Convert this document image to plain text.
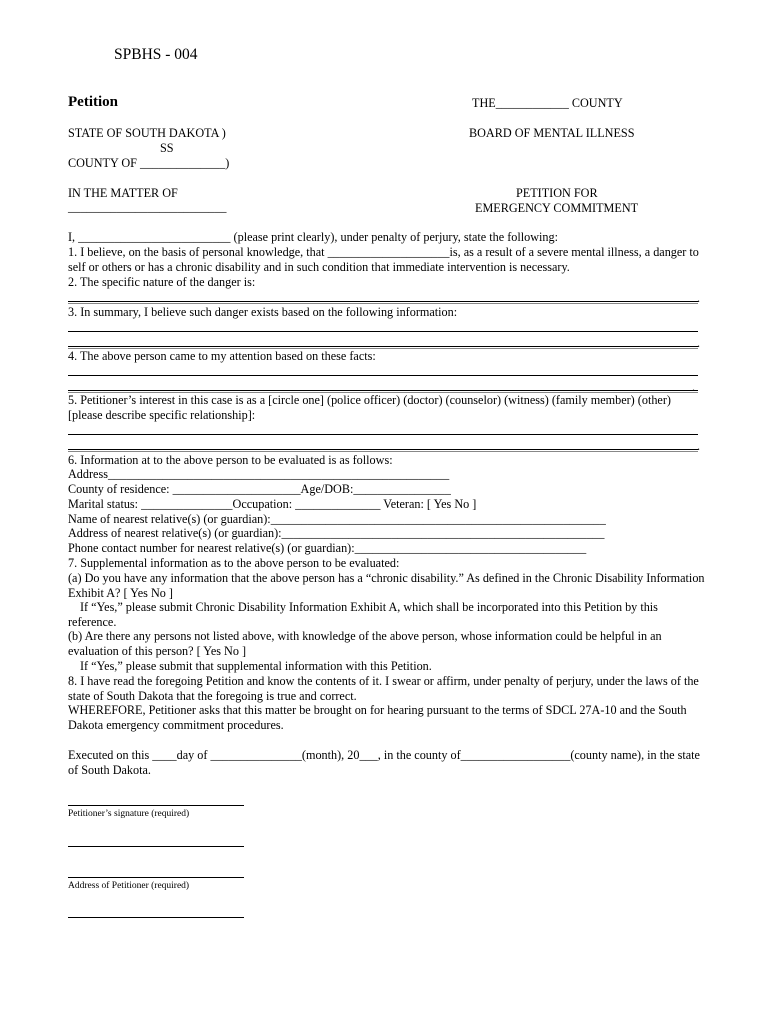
SPBHS - 004
Petition	THE____________ COUNTY
STATE OF SOUTH DAKOTA )	BOARD OF MENTAL ILLNESS
SS
COUNTY OF ______________)
IN THE MATTER OF	PETITION FOR
__________________________	EMERGENCY COMMITMENT
I, _________________________ (please print clearly), under penalty of perjury, state the following:
1. I believe, on the basis of personal knowledge, that ____________________is, as a result of a severe mental illness, a danger to self or others or has a chronic disability and in such condition that immediate intervention is necessary.
2. The specific nature of the danger is:
.
3. In summary, I believe such danger exists based on the following information:
.
4. The above person came to my attention based on these facts:
.
5. Petitioner’s interest in this case is as a [circle one] (police officer) (doctor) (counselor) (witness) (family member) (other) [please describe specific relationship]:
.
6. Information at to the above person to be evaluated is as follows:
Address________________________________________________________
County of residence: _____________________Age/DOB:________________
Marital status: _______________Occupation: ______________ Veteran: [ Yes No ]
Name of nearest relative(s) (or guardian):_______________________________________________________
Address of nearest relative(s) (or guardian):_____________________________________________________
Phone contact number for nearest relative(s) (or guardian):______________________________________
7. Supplemental information as to the above person to be evaluated:
(a) Do you have any information that the above person has a “chronic disability.” As defined in the Chronic Disability Information Exhibit A? [ Yes No ]
If “Yes,” please submit Chronic Disability Information Exhibit A, which shall be incorporated into this Petition by this reference.
(b) Are there any persons not listed above, with knowledge of the above person, whose information could be helpful in an evaluation of this person? [ Yes No ]
If “Yes,” please submit that supplemental information with this Petition.
8. I have read the foregoing Petition and know the contents of it. I swear or affirm, under penalty of perjury, under the laws of the state of South Dakota that the foregoing is true and correct.
WHEREFORE, Petitioner asks that this matter be brought on for hearing pursuant to the terms of SDCL 27A-10 and the South Dakota emergency commitment procedures.
Executed on this ____day of _______________(month), 20___, in the county of__________________(county name), in the state of South Dakota.
Petitioner’s signature (required)
Address of Petitioner (required)
